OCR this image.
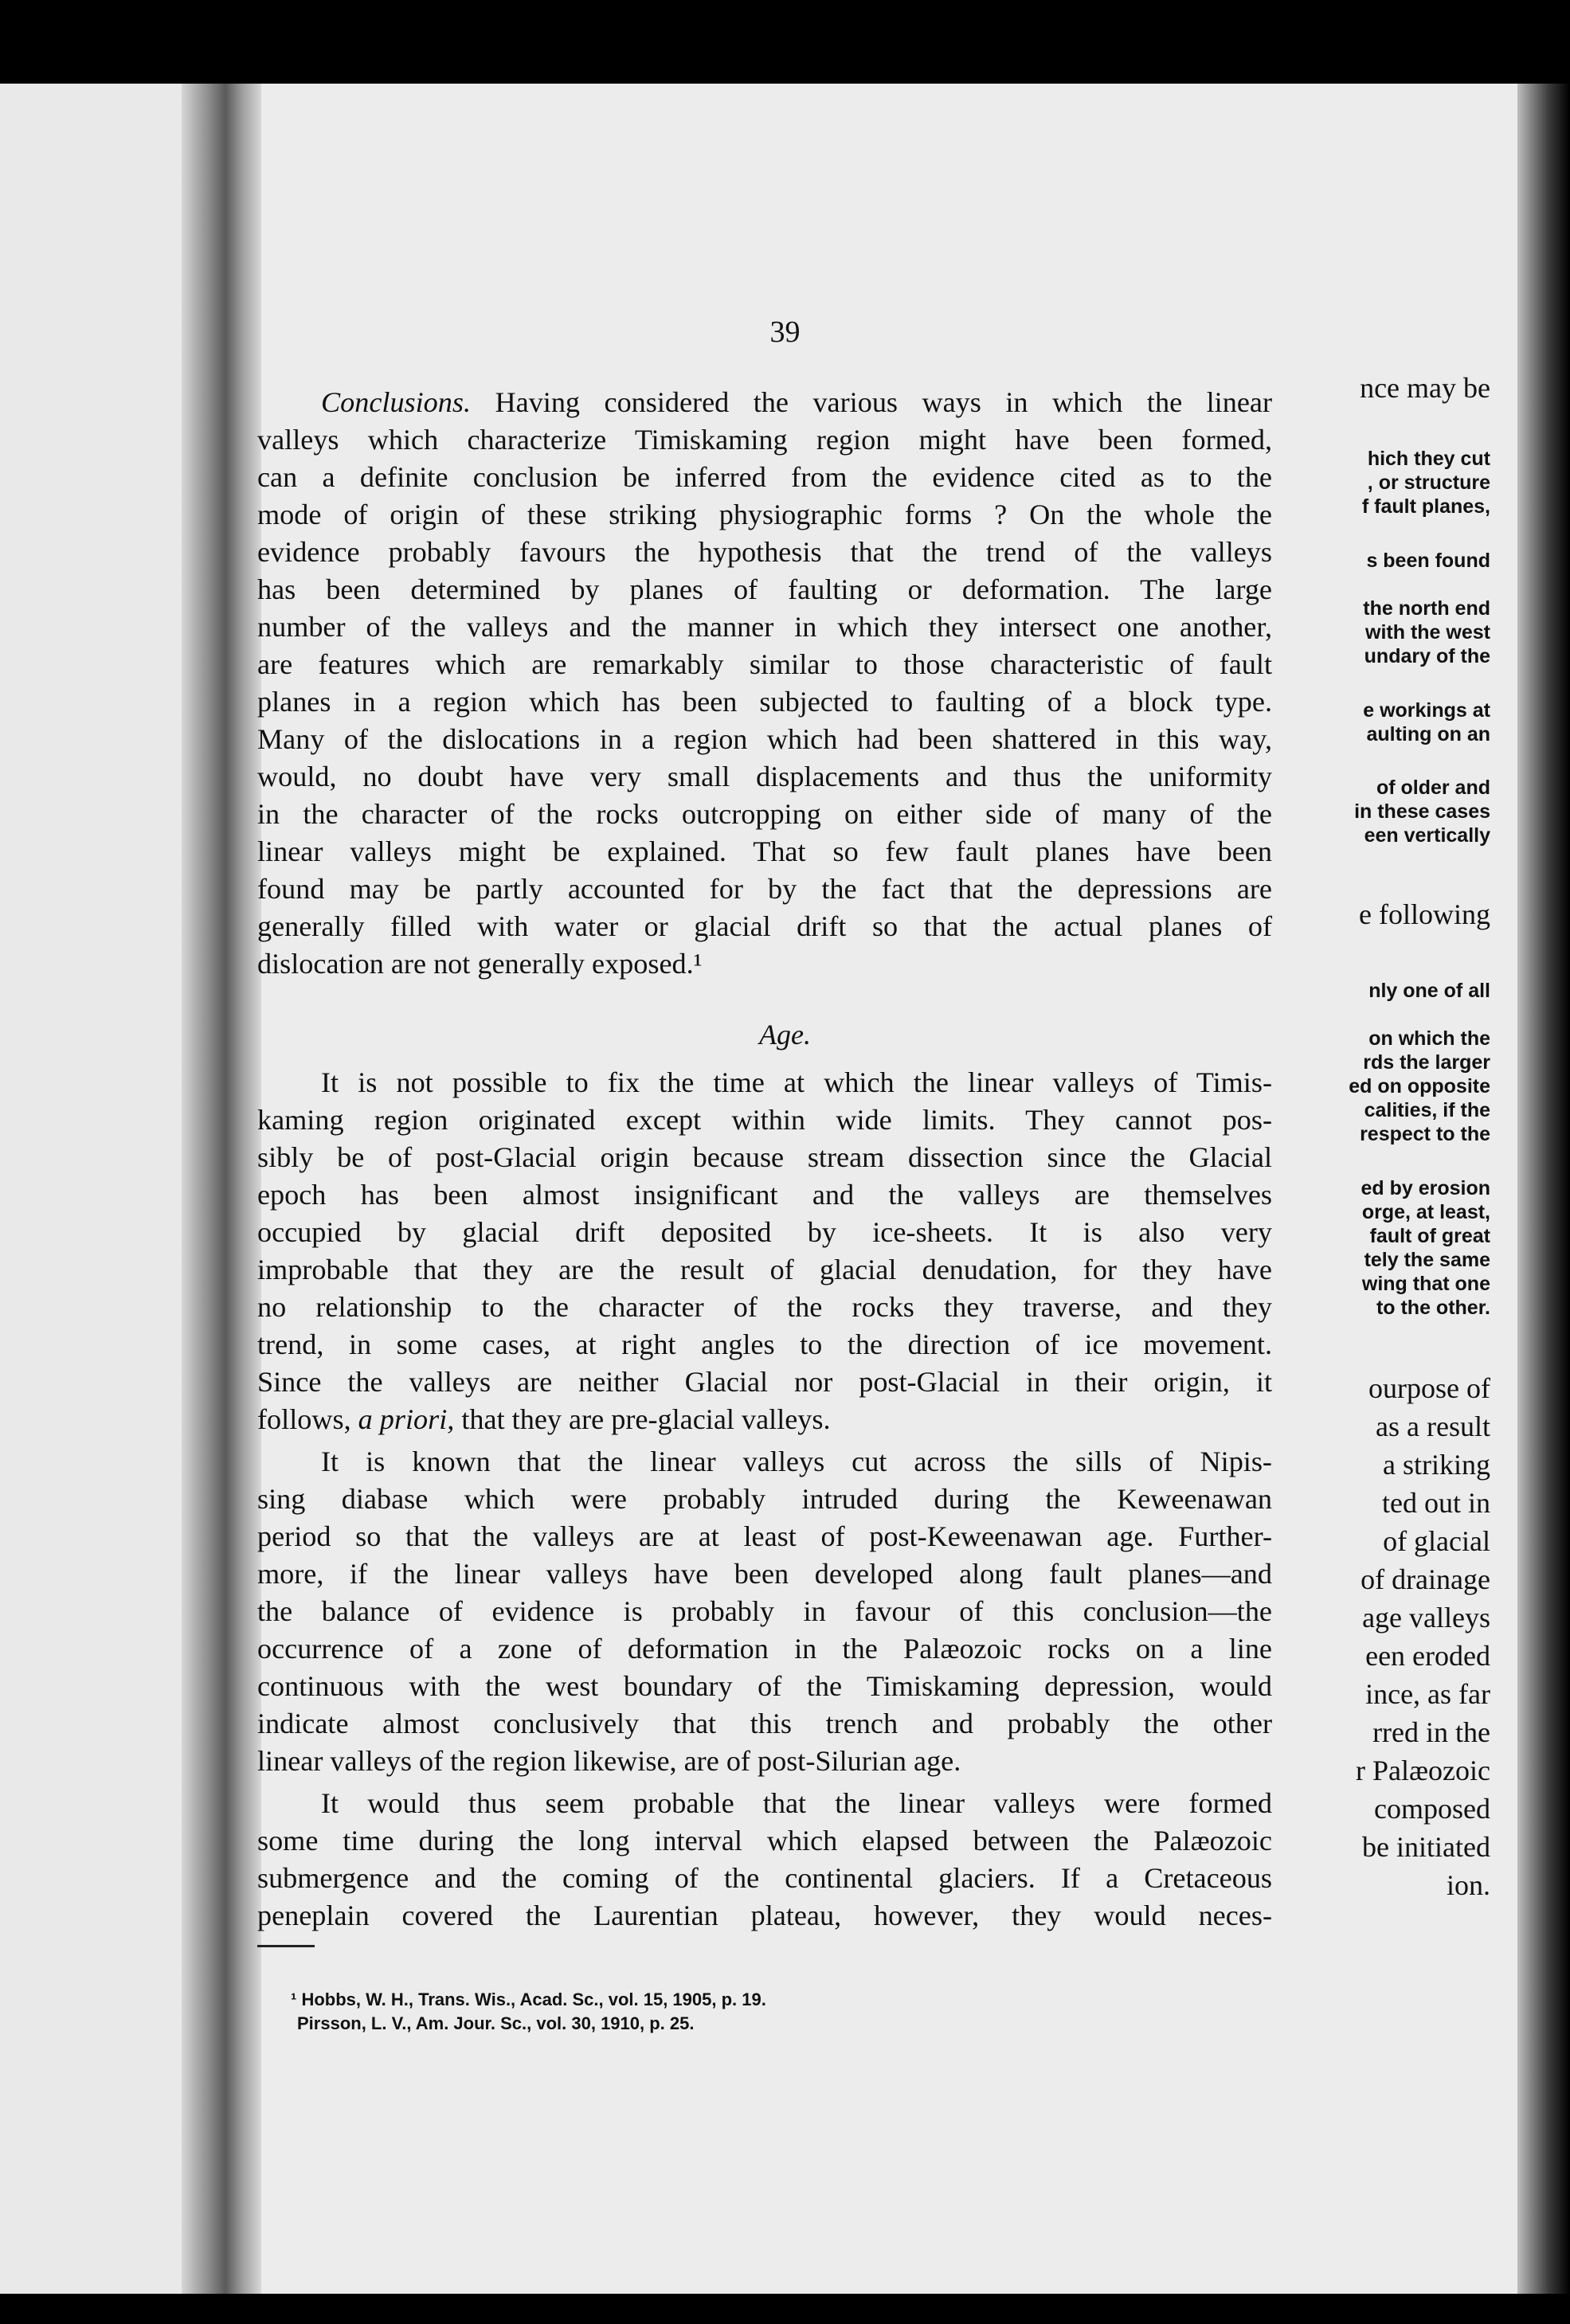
nce may be
hich they cut
, or structure
f fault planes,
s been found
the north end
with the west
undary of the
e workings at
aulting on an
of older and
in these cases
een vertically
e following
nly one of all
on which the
rds the larger
ed on opposite
calities, if the
respect to the
ed by erosion
orge, at least,
fault of great
tely the same
wing that one
to the other.
ourpose of
as a result
a striking
ted out in
of glacial
of drainage
age valleys
een eroded
ince, as far
rred in the
r Palæozoic
composed
be initiated
ion.
39
Conclusions. Having considered the various ways in which the linear
valleys which characterize Timiskaming region might have been formed,
can a definite conclusion be inferred from the evidence cited as to the
mode of origin of these striking physiographic forms ? On the whole the
evidence probably favours the hypothesis that the trend of the valleys
has been determined by planes of faulting or deformation. The large
number of the valleys and the manner in which they intersect one another,
are features which are remarkably similar to those characteristic of fault
planes in a region which has been subjected to faulting of a block type.
Many of the dislocations in a region which had been shattered in this way,
would, no doubt have very small displacements and thus the uniformity
in the character of the rocks outcropping on either side of many of the
linear valleys might be explained. That so few fault planes have been
found may be partly accounted for by the fact that the depressions are
generally filled with water or glacial drift so that the actual planes of
dislocation are not generally exposed.¹
Age.
It is not possible to fix the time at which the linear valleys of Timis-
kaming region originated except within wide limits. They cannot pos-
sibly be of post-Glacial origin because stream dissection since the Glacial
epoch has been almost insignificant and the valleys are themselves
occupied by glacial drift deposited by ice-sheets. It is also very
improbable that they are the result of glacial denudation, for they have
no relationship to the character of the rocks they traverse, and they
trend, in some cases, at right angles to the direction of ice movement.
Since the valleys are neither Glacial nor post-Glacial in their origin, it
follows, a priori, that they are pre-glacial valleys.
It is known that the linear valleys cut across the sills of Nipis-
sing diabase which were probably intruded during the Keweenawan
period so that the valleys are at least of post-Keweenawan age. Further-
more, if the linear valleys have been developed along fault planes—and
the balance of evidence is probably in favour of this conclusion—the
occurrence of a zone of deformation in the Palæozoic rocks on a line
continuous with the west boundary of the Timiskaming depression, would
indicate almost conclusively that this trench and probably the other
linear valleys of the region likewise, are of post-Silurian age.
It would thus seem probable that the linear valleys were formed
some time during the long interval which elapsed between the Palæozoic
submergence and the coming of the continental glaciers. If a Cretaceous
peneplain covered the Laurentian plateau, however, they would neces-
¹ Hobbs, W. H., Trans. Wis., Acad. Sc., vol. 15, 1905, p. 19.
Pirsson, L. V., Am. Jour. Sc., vol. 30, 1910, p. 25.
